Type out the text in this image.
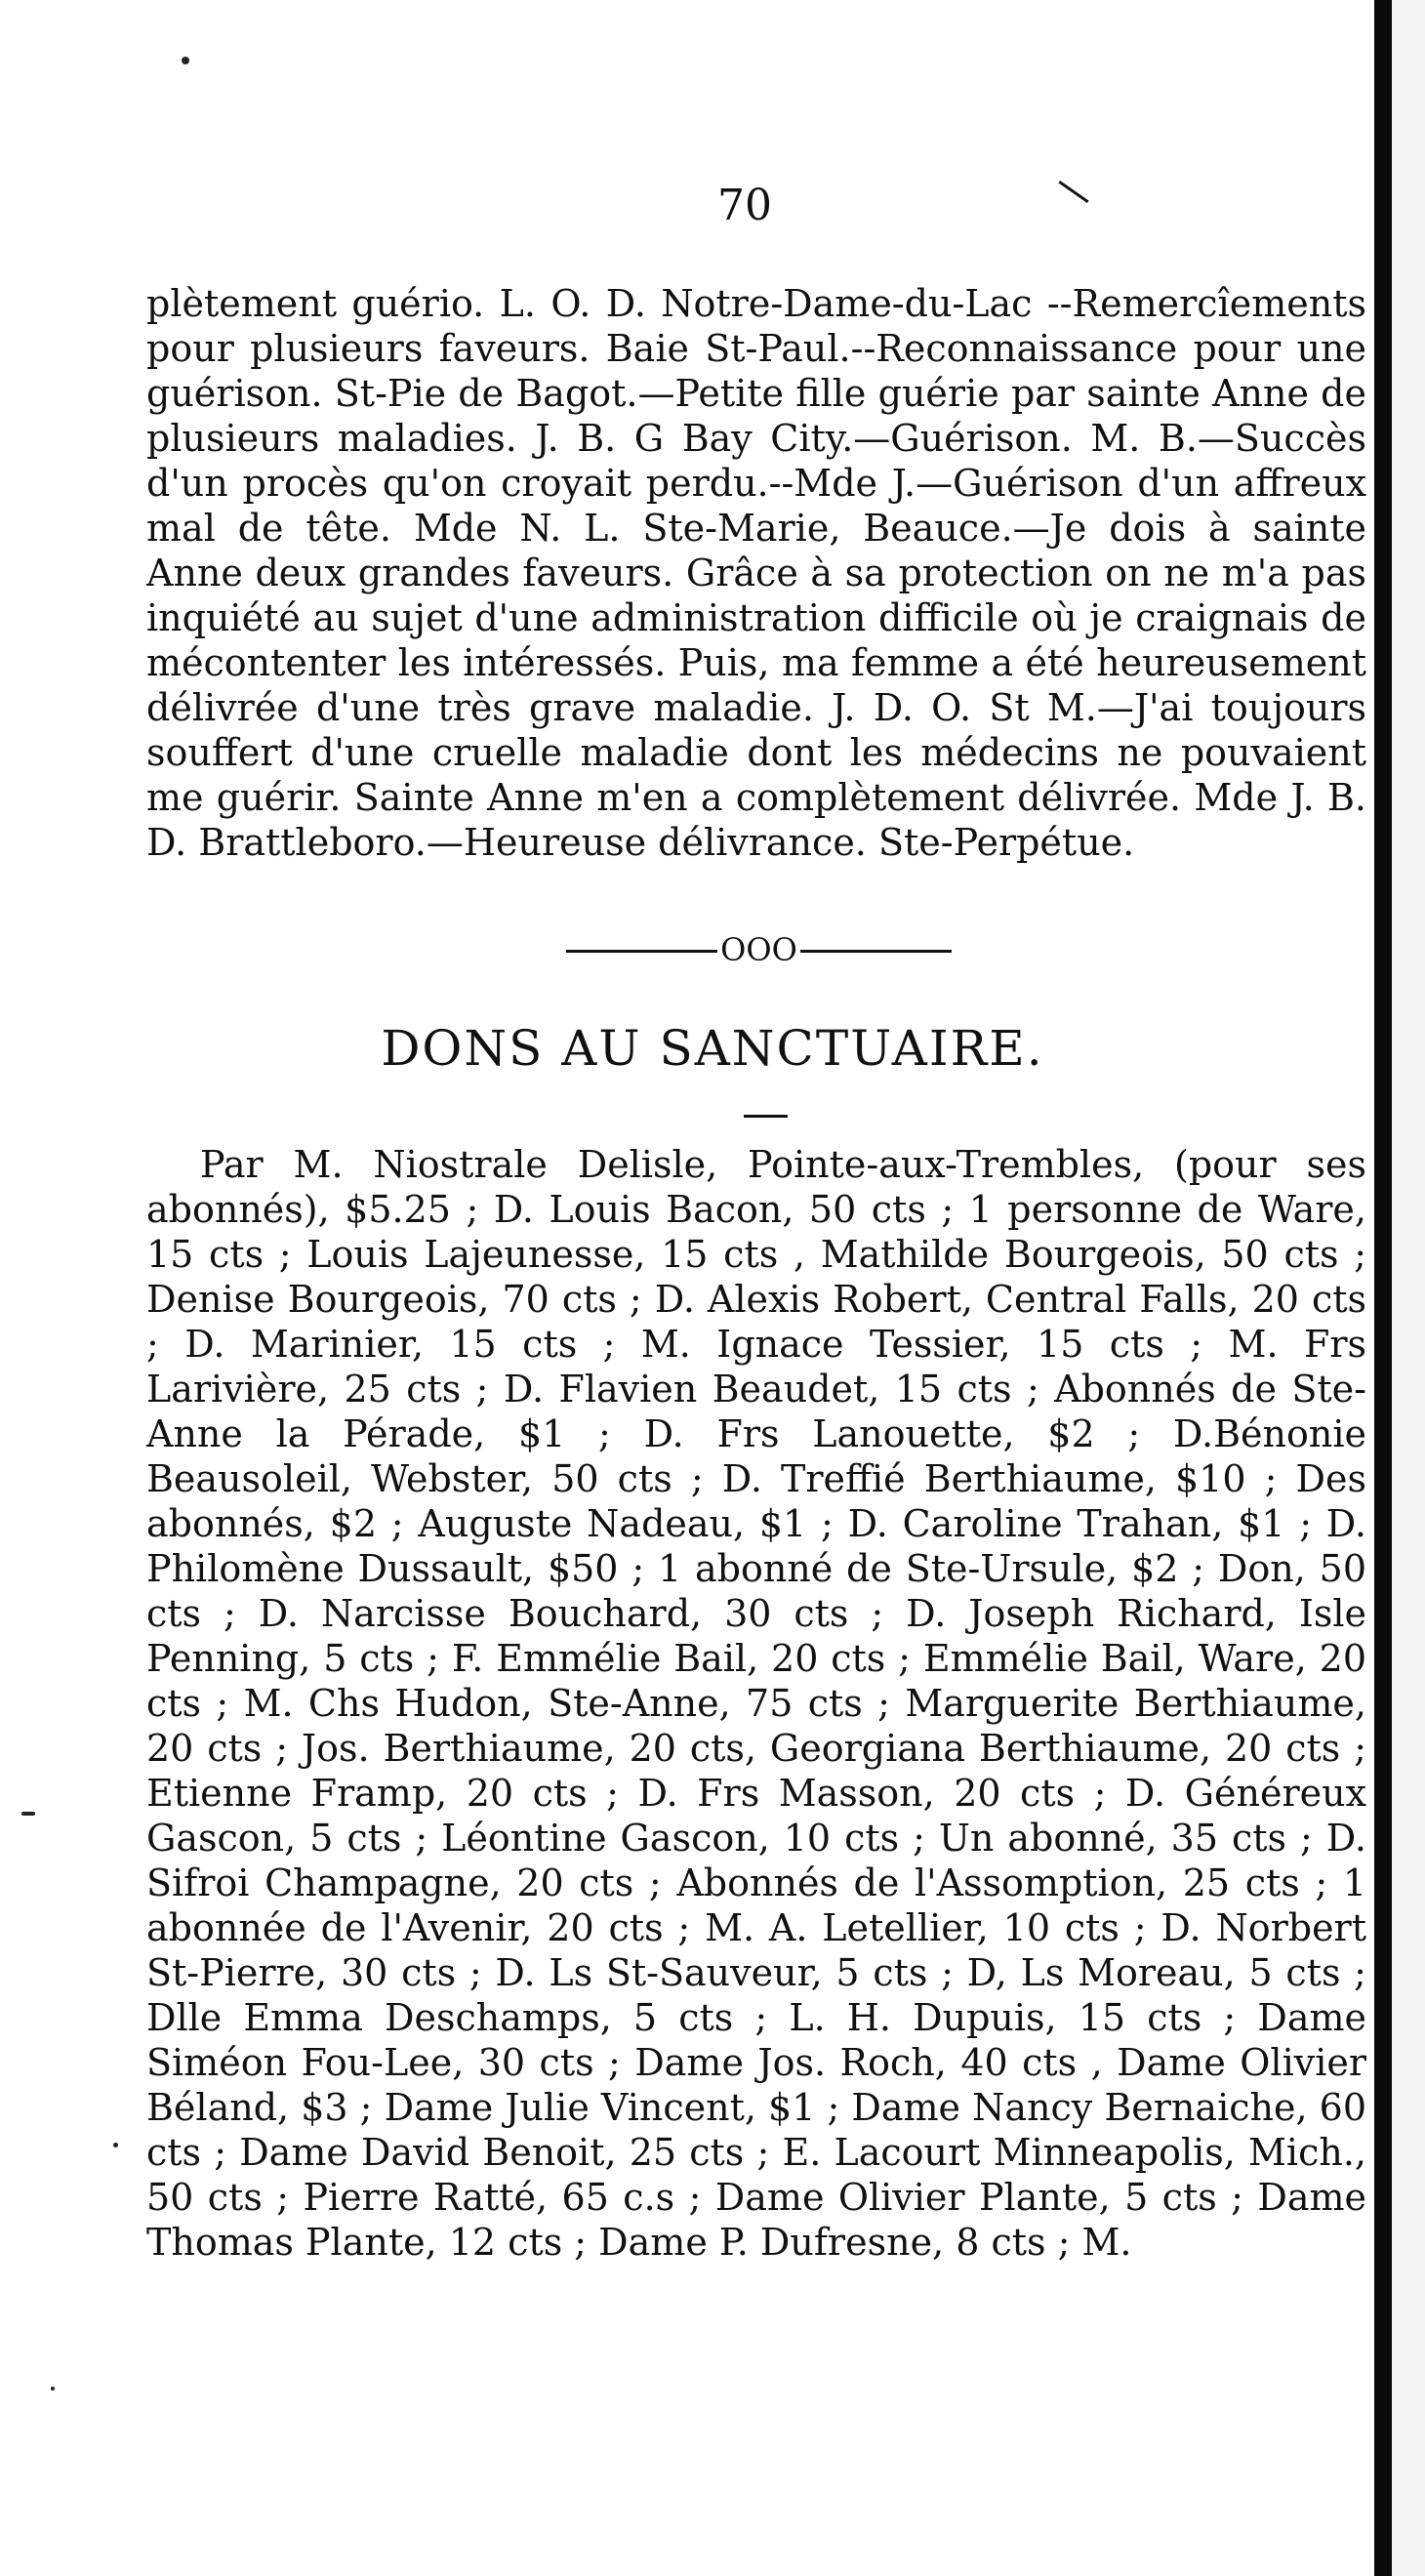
70

plètement guério. L. O. D. Notre-Dame-du-Lac --Remercîements pour plusieurs faveurs. Baie St-Paul.--Reconnaissance pour une guérison. St-Pie de Bagot.—Petite fille guérie par sainte Anne de plusieurs maladies. J. B. G Bay City.—Guérison. M. B.—Succès d'un procès qu'on croyait perdu.--Mde J.—Guérison d'un affreux mal de tête. Mde N. L. Ste-Marie, Beauce.—Je dois à sainte Anne deux grandes faveurs. Grâce à sa protection on ne m'a pas inquiété au sujet d'une administration difficile où je craignais de mécontenter les intéressés. Puis, ma femme a été heureusement délivrée d'une très grave maladie. J. D. O. St M.—J'ai toujours souffert d'une cruelle maladie dont les médecins ne pouvaient me guérir. Sainte Anne m'en a complètement délivrée. Mde J. B. D. Brattleboro.—Heureuse délivrance. Ste-Perpétue.

OOO
DONS AU SANCTUAIRE.

Par M. Niostrale Delisle, Pointe-aux-Trembles, (pour ses abonnés), $5.25 ; D. Louis Bacon, 50 cts ; 1 personne de Ware, 15 cts ; Louis Lajeunesse, 15 cts , Mathilde Bourgeois, 50 cts ; Denise Bourgeois, 70 cts ; D. Alexis Robert, Central Falls, 20 cts ; D. Marinier, 15 cts ; M. Ignace Tessier, 15 cts ; M. Frs Larivière, 25 cts ; D. Flavien Beaudet, 15 cts ; Abonnés de Ste-Anne la Pérade, $1 ; D. Frs Lanouette, $2 ; D.Bénonie Beausoleil, Webster, 50 cts ; D. Treffié Berthiaume, $10 ; Des abonnés, $2 ; Auguste Nadeau, $1 ; D. Caroline Trahan, $1 ; D. Philomène Dussault, $50 ; 1 abonné de Ste-Ursule, $2 ; Don, 50 cts ; D. Narcisse Bouchard, 30 cts ; D. Joseph Richard, Isle Penning, 5 cts ; F. Emmélie Bail, 20 cts ; Emmélie Bail, Ware, 20 cts ; M. Chs Hudon, Ste-Anne, 75 cts ; Marguerite Berthiaume, 20 cts ; Jos. Berthiaume, 20 cts, Georgiana Berthiaume, 20 cts ; Etienne Framp, 20 cts ; D. Frs Masson, 20 cts ; D. Généreux Gascon, 5 cts ; Léontine Gascon, 10 cts ; Un abonné, 35 cts ; D. Sifroi Champagne, 20 cts ; Abonnés de l'Assomption, 25 cts ; 1 abonnée de l'Avenir, 20 cts ; M. A. Letellier, 10 cts ; D. Norbert St-Pierre, 30 cts ; D. Ls St-Sauveur, 5 cts ; D, Ls Moreau, 5 cts ; Dlle Emma Deschamps, 5 cts ; L. H. Dupuis, 15 cts ; Dame Siméon Fou-Lee, 30 cts ; Dame Jos. Roch, 40 cts , Dame Olivier Béland, $3 ; Dame Julie Vincent, $1 ; Dame Nancy Bernaiche, 60 cts ; Dame David Benoit, 25 cts ; E. Lacourt Minneapolis, Mich., 50 cts ; Pierre Ratté, 65 c.s ; Dame Olivier Plante, 5 cts ; Dame Thomas Plante, 12 cts ; Dame P. Dufresne, 8 cts ; M.
